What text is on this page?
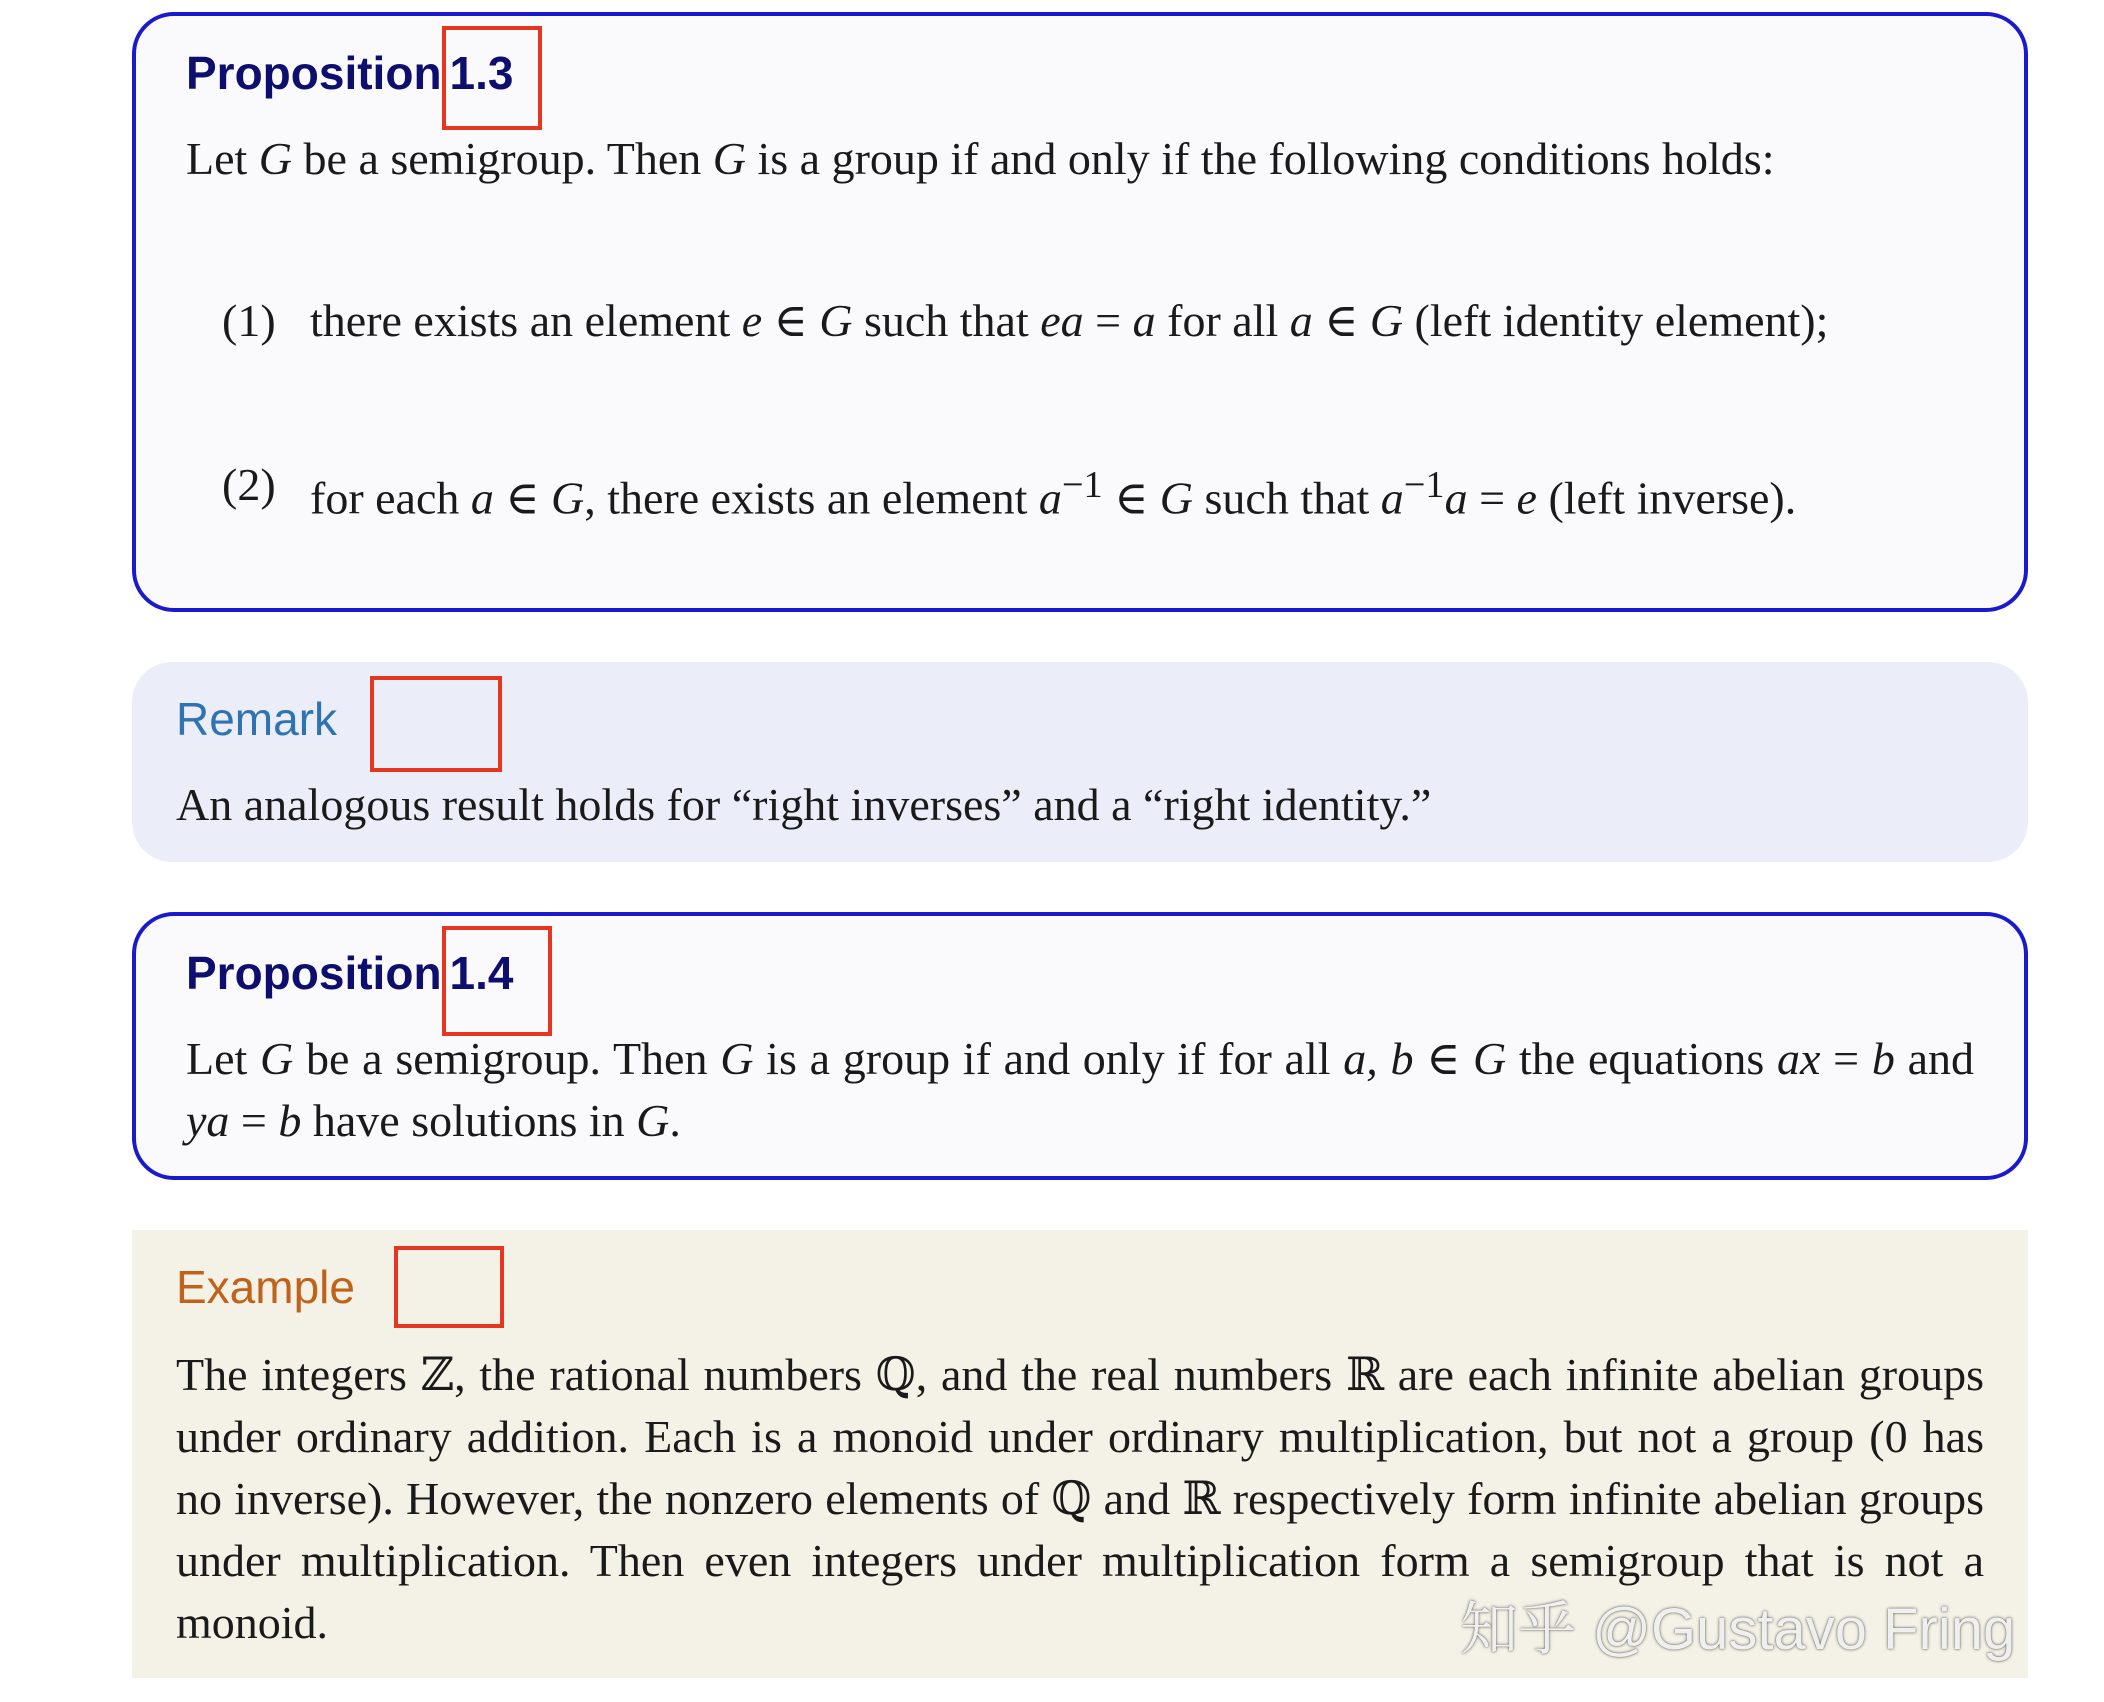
Proposition 1.3
Let G be a semigroup. Then G is a group if and only if the following conditions holds:
(1) there exists an element e ∈ G such that ea = a for all a ∈ G (left identity element);
(2) for each a ∈ G, there exists an element $a^{-1}$ ∈ G such that $a^{-1}a = e$ (left inverse).
Remark
An analogous result holds for “right inverses” and a “right identity.”
Proposition 1.4
Let G be a semigroup. Then G is a group if and only if for all a, b ∈ G the equations ax = b and ya = b have solutions in G.
Example
The integers ℤ, the rational numbers ℚ, and the real numbers ℝ are each infinite abelian groups under ordinary addition. Each is a monoid under ordinary multiplication, but not a group (0 has no inverse). However, the nonzero elements of ℚ and ℝ respectively form infinite abelian groups under multiplication. Then even integers under multiplication form a semigroup that is not a monoid.	知乎 @Gustavo Fring
